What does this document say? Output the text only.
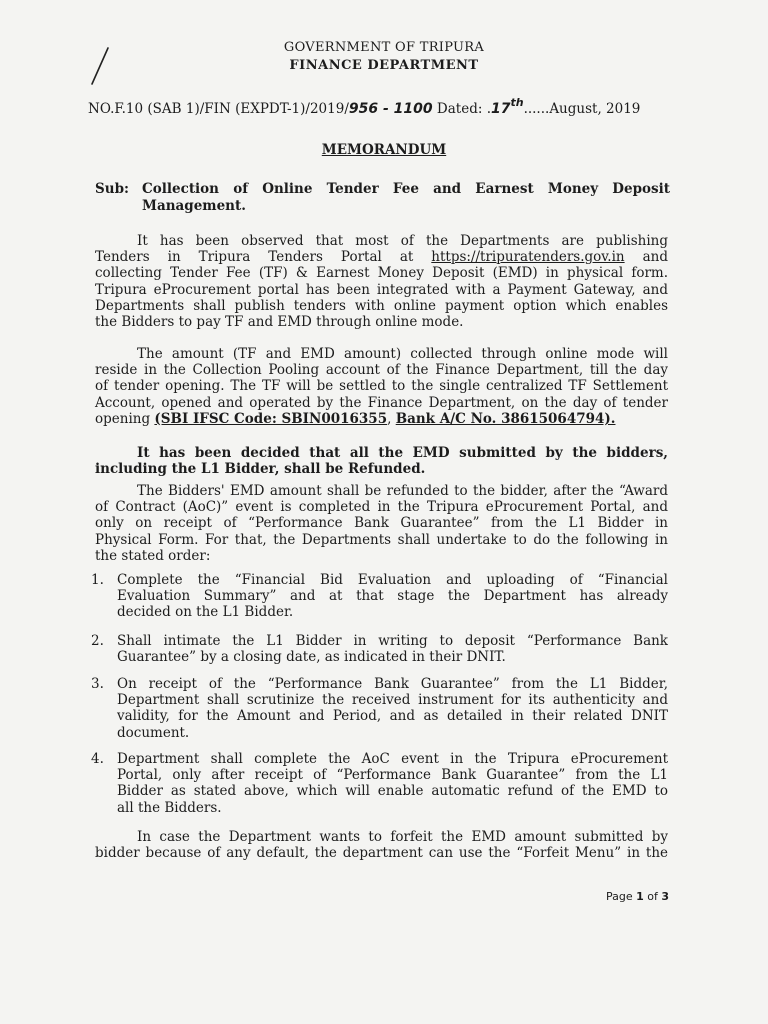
GOVERNMENT OF TRIPURA
FINANCE DEPARTMENT
NO.F.10 (SAB 1)/FIN (EXPDT-1)/2019/956 - 1100 Dated: .17th......August, 2019
MEMORANDUM
Sub: Collection of Online Tender Fee and Earnest Money Deposit
Management.
It has been observed that most of the Departments are publishing
Tenders in Tripura Tenders Portal at https://tripuratenders.gov.in and
collecting Tender Fee (TF) & Earnest Money Deposit (EMD) in physical form.
Tripura eProcurement portal has been integrated with a Payment Gateway, and
Departments shall publish tenders with online payment option which enables
the Bidders to pay TF and EMD through online mode.
The amount (TF and EMD amount) collected through online mode will
reside in the Collection Pooling account of the Finance Department, till the day
of tender opening. The TF will be settled to the single centralized TF Settlement
Account, opened and operated by the Finance Department, on the day of tender
opening (SBI IFSC Code: SBIN0016355, Bank A/C No. 38615064794).
It has been decided that all the EMD submitted by the bidders,
including the L1 Bidder, shall be Refunded.
The Bidders' EMD amount shall be refunded to the bidder, after the “Award
of Contract (AoC)” event is completed in the Tripura eProcurement Portal, and
only on receipt of “Performance Bank Guarantee” from the L1 Bidder in
Physical Form. For that, the Departments shall undertake to do the following in
the stated order:
1. Complete the “Financial Bid Evaluation and uploading of “Financial
Evaluation Summary” and at that stage the Department has already
decided on the L1 Bidder.
2. Shall intimate the L1 Bidder in writing to deposit “Performance Bank
Guarantee” by a closing date, as indicated in their DNIT.
3. On receipt of the “Performance Bank Guarantee” from the L1 Bidder,
Department shall scrutinize the received instrument for its authenticity and
validity, for the Amount and Period, and as detailed in their related DNIT
document.
4. Department shall complete the AoC event in the Tripura eProcurement
Portal, only after receipt of “Performance Bank Guarantee” from the L1
Bidder as stated above, which will enable automatic refund of the EMD to
all the Bidders.
In case the Department wants to forfeit the EMD amount submitted by
bidder because of any default, the department can use the “Forfeit Menu” in the
Page 1 of 3
